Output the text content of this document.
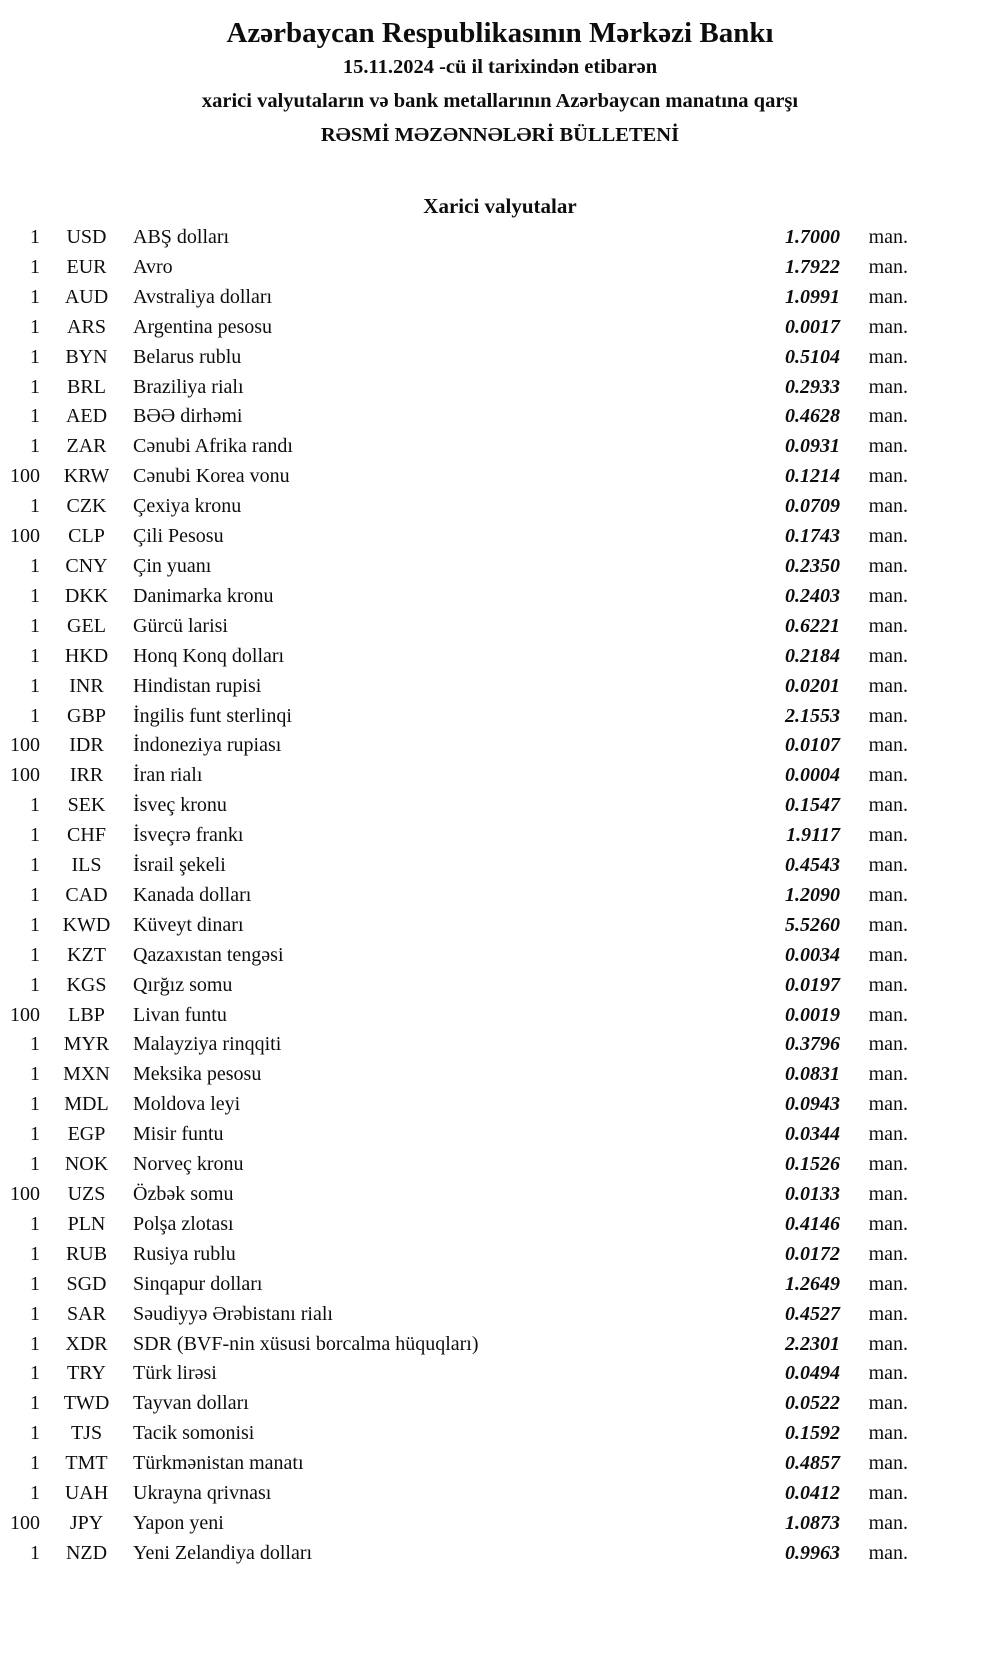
Azərbaycan Respublikasının Mərkəzi Bankı
15.11.2024 -cü il tarixindən etibarən
xarici valyutaların və bank metallarının Azərbaycan manatına qarşı
RƏSMİ MƏZƏNNƏLƏRİ BÜLLETENİ
Xarici valyutalar
1	USD	ABŞ dolları	1.7000	man.
1	EUR	Avro	1.7922	man.
1	AUD	Avstraliya dolları	1.0991	man.
1	ARS	Argentina pesosu	0.0017	man.
1	BYN	Belarus rublu	0.5104	man.
1	BRL	Braziliya rialı	0.2933	man.
1	AED	BƏƏ dirhəmi	0.4628	man.
1	ZAR	Cənubi Afrika randı	0.0931	man.
100	KRW	Cənubi Korea vonu	0.1214	man.
1	CZK	Çexiya kronu	0.0709	man.
100	CLP	Çili Pesosu	0.1743	man.
1	CNY	Çin yuanı	0.2350	man.
1	DKK	Danimarka kronu	0.2403	man.
1	GEL	Gürcü larisi	0.6221	man.
1	HKD	Honq Konq dolları	0.2184	man.
1	INR	Hindistan rupisi	0.0201	man.
1	GBP	İngilis funt sterlinqi	2.1553	man.
100	IDR	İndoneziya rupiası	0.0107	man.
100	IRR	İran rialı	0.0004	man.
1	SEK	İsveç kronu	0.1547	man.
1	CHF	İsveçrə frankı	1.9117	man.
1	ILS	İsrail şekeli	0.4543	man.
1	CAD	Kanada dolları	1.2090	man.
1	KWD	Küveyt dinarı	5.5260	man.
1	KZT	Qazaxıstan tengəsi	0.0034	man.
1	KGS	Qırğız somu	0.0197	man.
100	LBP	Livan funtu	0.0019	man.
1	MYR	Malayziya rinqqiti	0.3796	man.
1	MXN	Meksika pesosu	0.0831	man.
1	MDL	Moldova leyi	0.0943	man.
1	EGP	Misir funtu	0.0344	man.
1	NOK	Norveç kronu	0.1526	man.
100	UZS	Özbək somu	0.0133	man.
1	PLN	Polşa zlotası	0.4146	man.
1	RUB	Rusiya rublu	0.0172	man.
1	SGD	Sinqapur dolları	1.2649	man.
1	SAR	Səudiyyə Ərəbistanı rialı	0.4527	man.
1	XDR	SDR (BVF-nin xüsusi borcalma hüquqları)	2.2301	man.
1	TRY	Türk lirəsi	0.0494	man.
1	TWD	Tayvan dolları	0.0522	man.
1	TJS	Tacik somonisi	0.1592	man.
1	TMT	Türkmənistan manatı	0.4857	man.
1	UAH	Ukrayna qrivnası	0.0412	man.
100	JPY	Yapon yeni	1.0873	man.
1	NZD	Yeni Zelandiya dolları	0.9963	man.
